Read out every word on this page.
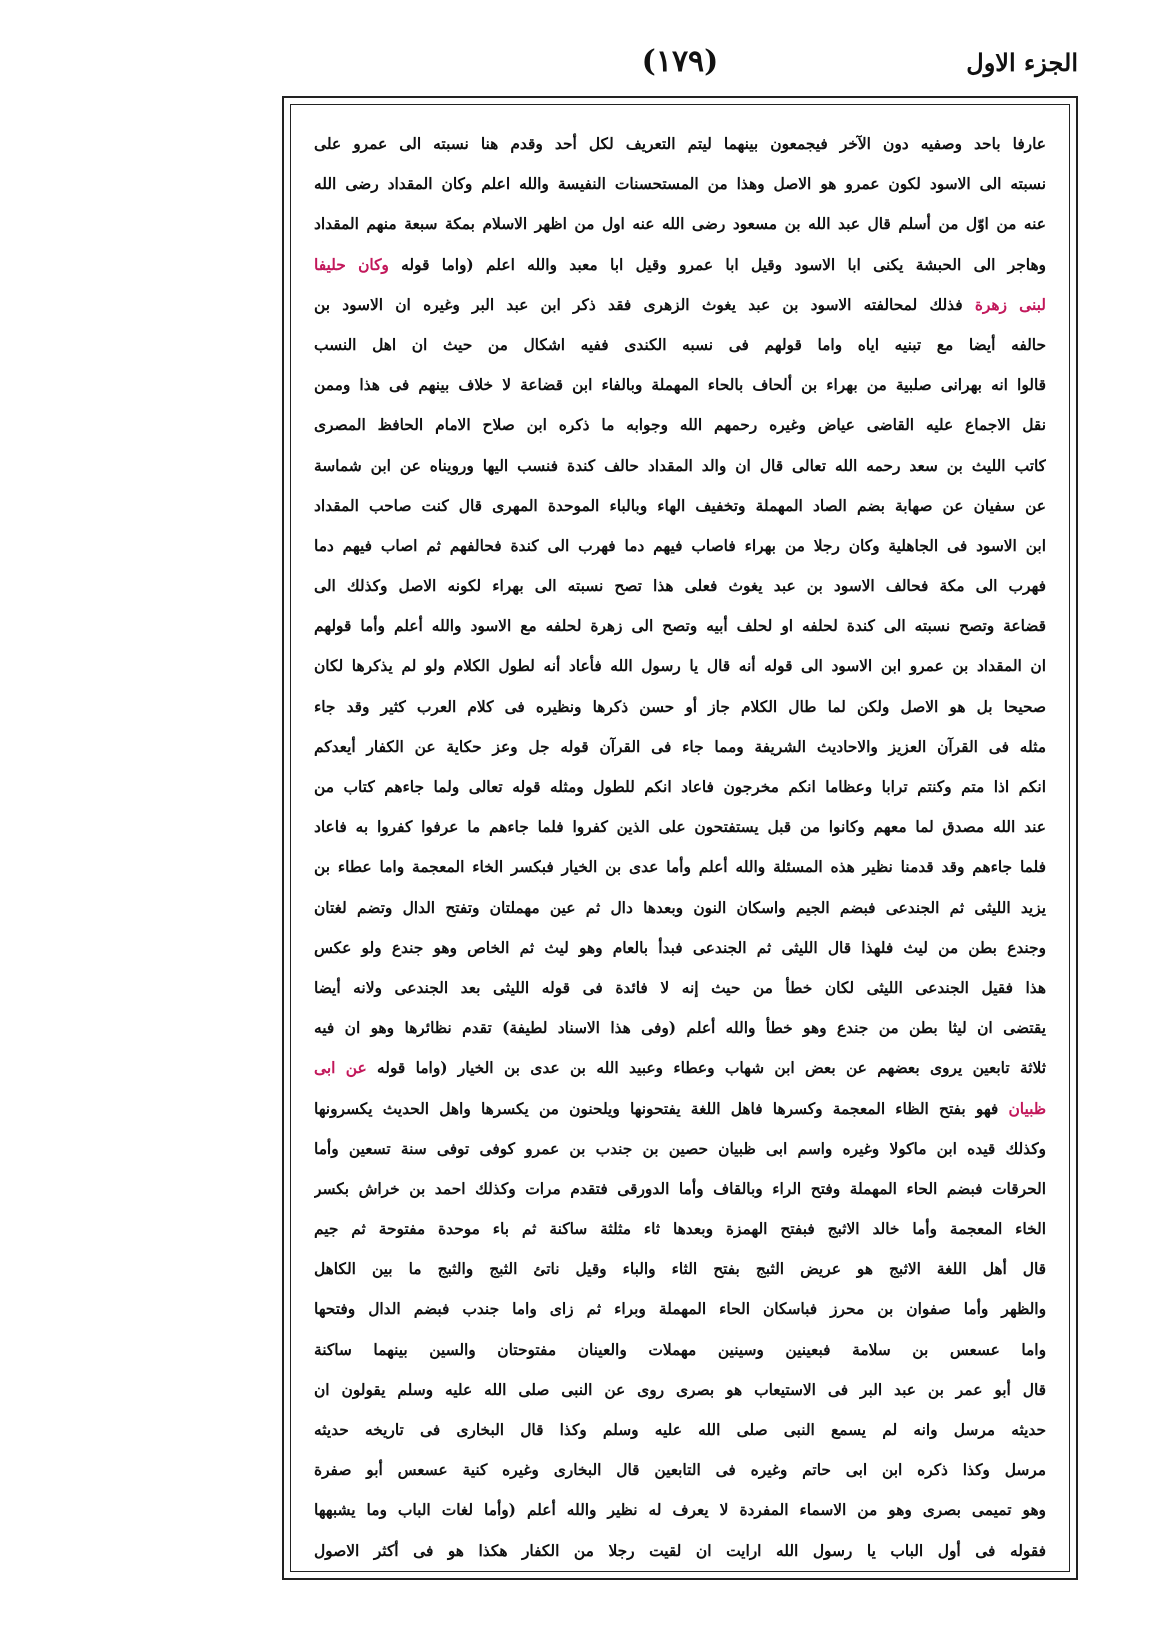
(١٧٩)	الجزء الاول
عارفا باحد وصفيه دون الآخر فيجمعون بينهما ليتم التعريف لكل أحد وقدم هنا نسبته الى عمرو على
نسبته الى الاسود لكون عمرو هو الاصل وهذا من المستحسنات النفيسة والله اعلم وكان المقداد رضى الله
عنه من اوّل من أسلم قال عبد الله بن مسعود رضى الله عنه اول من اظهر الاسلام بمكة سبعة منهم المقداد
وهاجر الى الحبشة يكنى ابا الاسود وقيل ابا عمرو وقيل ابا معبد والله اعلم (واما قوله وكان حليفا
لبنى زهرة فذلك لمحالفته الاسود بن عبد يغوث الزهرى فقد ذكر ابن عبد البر وغيره ان الاسود بن
حالفه أيضا مع تبنيه اياه واما قولهم فى نسبه الكندى ففيه اشكال من حيث ان اهل النسب
قالوا انه بهرانى صلبية من بهراء بن ألحاف بالحاء المهملة وبالفاء ابن قضاعة لا خلاف بينهم فى هذا وممن
نقل الاجماع عليه القاضى عياض وغيره رحمهم الله وجوابه ما ذكره ابن صلاح الامام الحافظ المصرى
كاتب الليث بن سعد رحمه الله تعالى قال ان والد المقداد حالف كندة فنسب اليها ورويناه عن ابن شماسة
عن سفيان عن صهابة بضم الصاد المهملة وتخفيف الهاء وبالباء الموحدة المهرى قال كنت صاحب المقداد
ابن الاسود فى الجاهلية وكان رجلا من بهراء فاصاب فيهم دما فهرب الى كندة فحالفهم ثم اصاب فيهم دما
فهرب الى مكة فحالف الاسود بن عبد يغوث فعلى هذا تصح نسبته الى بهراء لكونه الاصل وكذلك الى
قضاعة وتصح نسبته الى كندة لحلفه او لحلف أبيه وتصح الى زهرة لحلفه مع الاسود والله أعلم وأما قولهم
ان المقداد بن عمرو ابن الاسود الى قوله أنه قال يا رسول الله فأعاد أنه لطول الكلام ولو لم يذكرها لكان
صحيحا بل هو الاصل ولكن لما طال الكلام جاز أو حسن ذكرها ونظيره فى كلام العرب كثير وقد جاء
مثله فى القرآن العزيز والاحاديث الشريفة ومما جاء فى القرآن قوله جل وعز حكاية عن الكفار أيعدكم
انكم اذا متم وكنتم ترابا وعظاما انكم مخرجون فاعاد انكم للطول ومثله قوله تعالى ولما جاءهم كتاب من
عند الله مصدق لما معهم وكانوا من قبل يستفتحون على الذين كفروا فلما جاءهم ما عرفوا كفروا به فاعاد
فلما جاءهم وقد قدمنا نظير هذه المسئلة والله أعلم وأما عدى بن الخيار فبكسر الخاء المعجمة واما عطاء بن
يزيد الليثى ثم الجندعى فبضم الجيم واسكان النون وبعدها دال ثم عين مهملتان وتفتح الدال وتضم لغتان
وجندع بطن من ليث فلهذا قال الليثى ثم الجندعى فبدأ بالعام وهو ليث ثم الخاص وهو جندع ولو عكس
هذا فقيل الجندعى الليثى لكان خطأ من حيث إنه لا فائدة فى قوله الليثى بعد الجندعى ولانه أيضا
يقتضى ان ليثا بطن من جندع وهو خطأ والله أعلم (وفى هذا الاسناد لطيفة) تقدم نظائرها وهو ان فيه
ثلاثة تابعين يروى بعضهم عن بعض ابن شهاب وعطاء وعبيد الله بن عدى بن الخيار (واما قوله عن ابى
ظبيان فهو بفتح الظاء المعجمة وكسرها فاهل اللغة يفتحونها ويلحنون من يكسرها واهل الحديث يكسرونها
وكذلك قيده ابن ماكولا وغيره واسم ابى ظبيان حصين بن جندب بن عمرو كوفى توفى سنة تسعين وأما
الحرقات فبضم الحاء المهملة وفتح الراء وبالقاف وأما الدورقى فتقدم مرات وكذلك احمد بن خراش بكسر
الخاء المعجمة وأما خالد الاثبج فبفتح الهمزة وبعدها ثاء مثلثة ساكنة ثم باء موحدة مفتوحة ثم جيم
قال أهل اللغة الاثبج هو عريض الثبج بفتح الثاء والباء وقيل ناتئ الثبج والثبج ما بين الكاهل
والظهر وأما صفوان بن محرز فباسكان الحاء المهملة وبراء ثم زاى واما جندب فبضم الدال وفتحها
واما عسعس بن سلامة فبعينين وسينين مهملات والعينان مفتوحتان والسين بينهما ساكنة
قال أبو عمر بن عبد البر فى الاستيعاب هو بصرى روى عن النبى صلى الله عليه وسلم يقولون ان
حديثه مرسل وانه لم يسمع النبى صلى الله عليه وسلم وكذا قال البخارى فى تاريخه حديثه
مرسل وكذا ذكره ابن ابى حاتم وغيره فى التابعين قال البخارى وغيره كنية عسعس أبو صفرة
وهو تميمى بصرى وهو من الاسماء المفردة لا يعرف له نظير والله أعلم (وأما لغات الباب وما يشبهها
فقوله فى أول الباب يا رسول الله ارايت ان لقيت رجلا من الكفار هكذا هو فى أكثر الاصول
